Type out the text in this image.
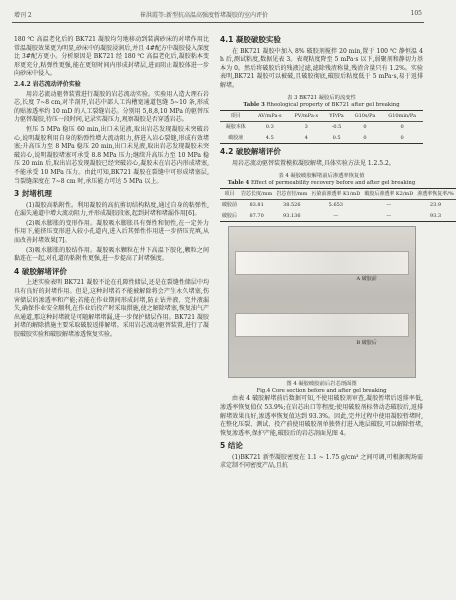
增刊 2	崔洪霞等:新型抗高温高强度暂堵凝胶的室内评价	105

180 ℃ 高温老化后的 BK721 凝胶均匀地移动到装满砂床的对堵作用比常温凝胶效果更为明显,砂床中的凝胶浸润后,并且 4#配方中凝胶侵入深度比 3#配方更小。分析原因是 BK721 经 180 ℃ 高温老化后,凝胶粘本变形更充分,粘弹性更强,能在更短时间内形成封堵层,进而阻止凝胶体进一步向砂床中侵入。

2.4.2 岩芯流动评价实验

用岩芯流动驱替装置进行凝胶的岩芯流动实验。实验用人造大理石岩芯,长度 7~8 cm,对半剖开,岩芯中部人工沟槽宽通道包缝 5~10 条,形成的贴渗透率约 10 mD 的人工裂缝岩芯。分别用 5,8,8,10 MPa 的驱替压力驱替凝胶,待压一段时间,记录实凝压力,观察凝胶是否穿透岩芯。

恒压 5 MPa 稳压 60 min,出口未见液,取出岩芯发现凝胶未突破岩心,说明凝胶利用自身的粘弹性增大流动阻力,挤进入岩心裂缝,形成有效堵塞;升高压力至 8 MPa 稳压 20 min,出口未见液,取出岩芯发现凝胶未突破岩心,说明凝胶堵塞可承受 8.8 MPa 压力;继续升高压力至 10 MPa 稳压 20 min 后,取出岩芯发现凝胶已经突破岩心,凝胶未在岩芯内形成堵塞,不能承受 10 MPa 压力。由此可知,BK721 凝胶在裂缝中可形成堵塞层,当裂缝深度在 7~8 cm 时,承压能力可达 5 MPa 以上。

3 封堵机理

(1)凝胶高粘附性。利用凝胶的高抗剪切结构粘度,通过自身的粘弹性,在漏失通道中增大流动阻力,并形成凝胶段塞,起到封堵和堵漏作用[6]。

(2)吸水膨胀的变形作用。凝胶吸水膨胀具有弹性和韧性,在一定外力作用下,能挤压变形进入较小孔道内,进入后其弹性作用进一步挤压充填,从而改善封堵效果[7]。

(3)吸水膨胀的胶结作用。凝胶吸水颗粒在井下高温下胶化,颗粒之间黏连在一起,对孔道的粘附性更强,进一步提高了封堵强度。

4 破胶解堵评价

上述实验表明 BK721 凝胶不论在孔隙性储层,还是在裂缝性储层中均具有良好的封堵作用。但是,这种封堵若不能被解除将会产生永久堵塞,伤害储层的渗透率和产能;若能在作业期间形成封堵,防止钻井液、完井液漏失,确保作业安全顺利,在作业后投产时采取措施,使之解除堵塞,恢复油气产出通道,那这种封堵就是可随解堵堵漏,进一步保护储层作用。BK721 凝胶封堵的解除措施主要采取破胶返排解堵。采用岩芯流动驱替装置,进行了凝胶破胶实验和破胶解堵渗透恢复实验。

4.1 凝胶破胶实验

在 BK721 凝胶中加入 8% 破胶剂搅拌 20 min,置于 100 ℃ 静恒温 4 h 后,测试粘度,数据见表 3。表观粘度降至 5 mPa·s 以下,弱聚剂和静切力基本为 0。然后将破胶后的残液过滤,滤除残渣称量,残渣含量只有 1.2%。实验表明,BK721 凝胶可以被破,且破胶彻底,破胶后粘度低于 5 mPa·s,易于返排解堵。

表 3 BK721 凝胶后的流变性
Table 3 Rheological property of BK721 after gel breaking
项目	AV/mPa·s	PV/mPa·s	YP/Pa	G10s/Pa	G10min/Pa
凝胶本体	0.3	3	-0.5	0	0
破胶液	4.5	4	0.5	0	0
4.2 破胶解堵评价

用岩芯流动驱替装置模拟凝胶解堵,具体实验方法见 1.2.5.2。

表 4 凝胶破胶解堵前后渗透率恢复值
Table 4 Effect of permeability recovery before and after gel breaking
项目	岩芯长度/mm	岩芯直径/mm	污染前渗透率 K1/mD	破胶后渗透率 K2/mD	渗透率恢复率/%
破胶前	83.81	38.526	5.653	—	23.9
破胶后	87.70	93.136	—	—	93.3
A 破胶前
B 破胶后
图 4 凝胶破胶前后岩芯剖面图
Fig.4 Core section before and after gel breaking

由表 4 破胶解堵前后数据可知,不使用破胶剂审查,凝胶暂堵后返排率低,渗透率恢复值仅 53.9%;在岩芯出口等程度;使用破胶剂标替动态破胶后,返排解堵效果良好,渗透率恢复值达到 93.3%。因此,完井过程中使用凝胶暂堵时,在整化压裂、测试、投产前使用破胶剂单独替打进入地层破胶,可以解除暂堵,恢复渗透率,保护产能,破胶后的岩芯剖面见图 4。

5 结论

(1)BK721 新型凝胶密度在 1.1 ~ 1.75 g/cm³ 之间可调,可根据现场需求定制不同密度产品,且抗
